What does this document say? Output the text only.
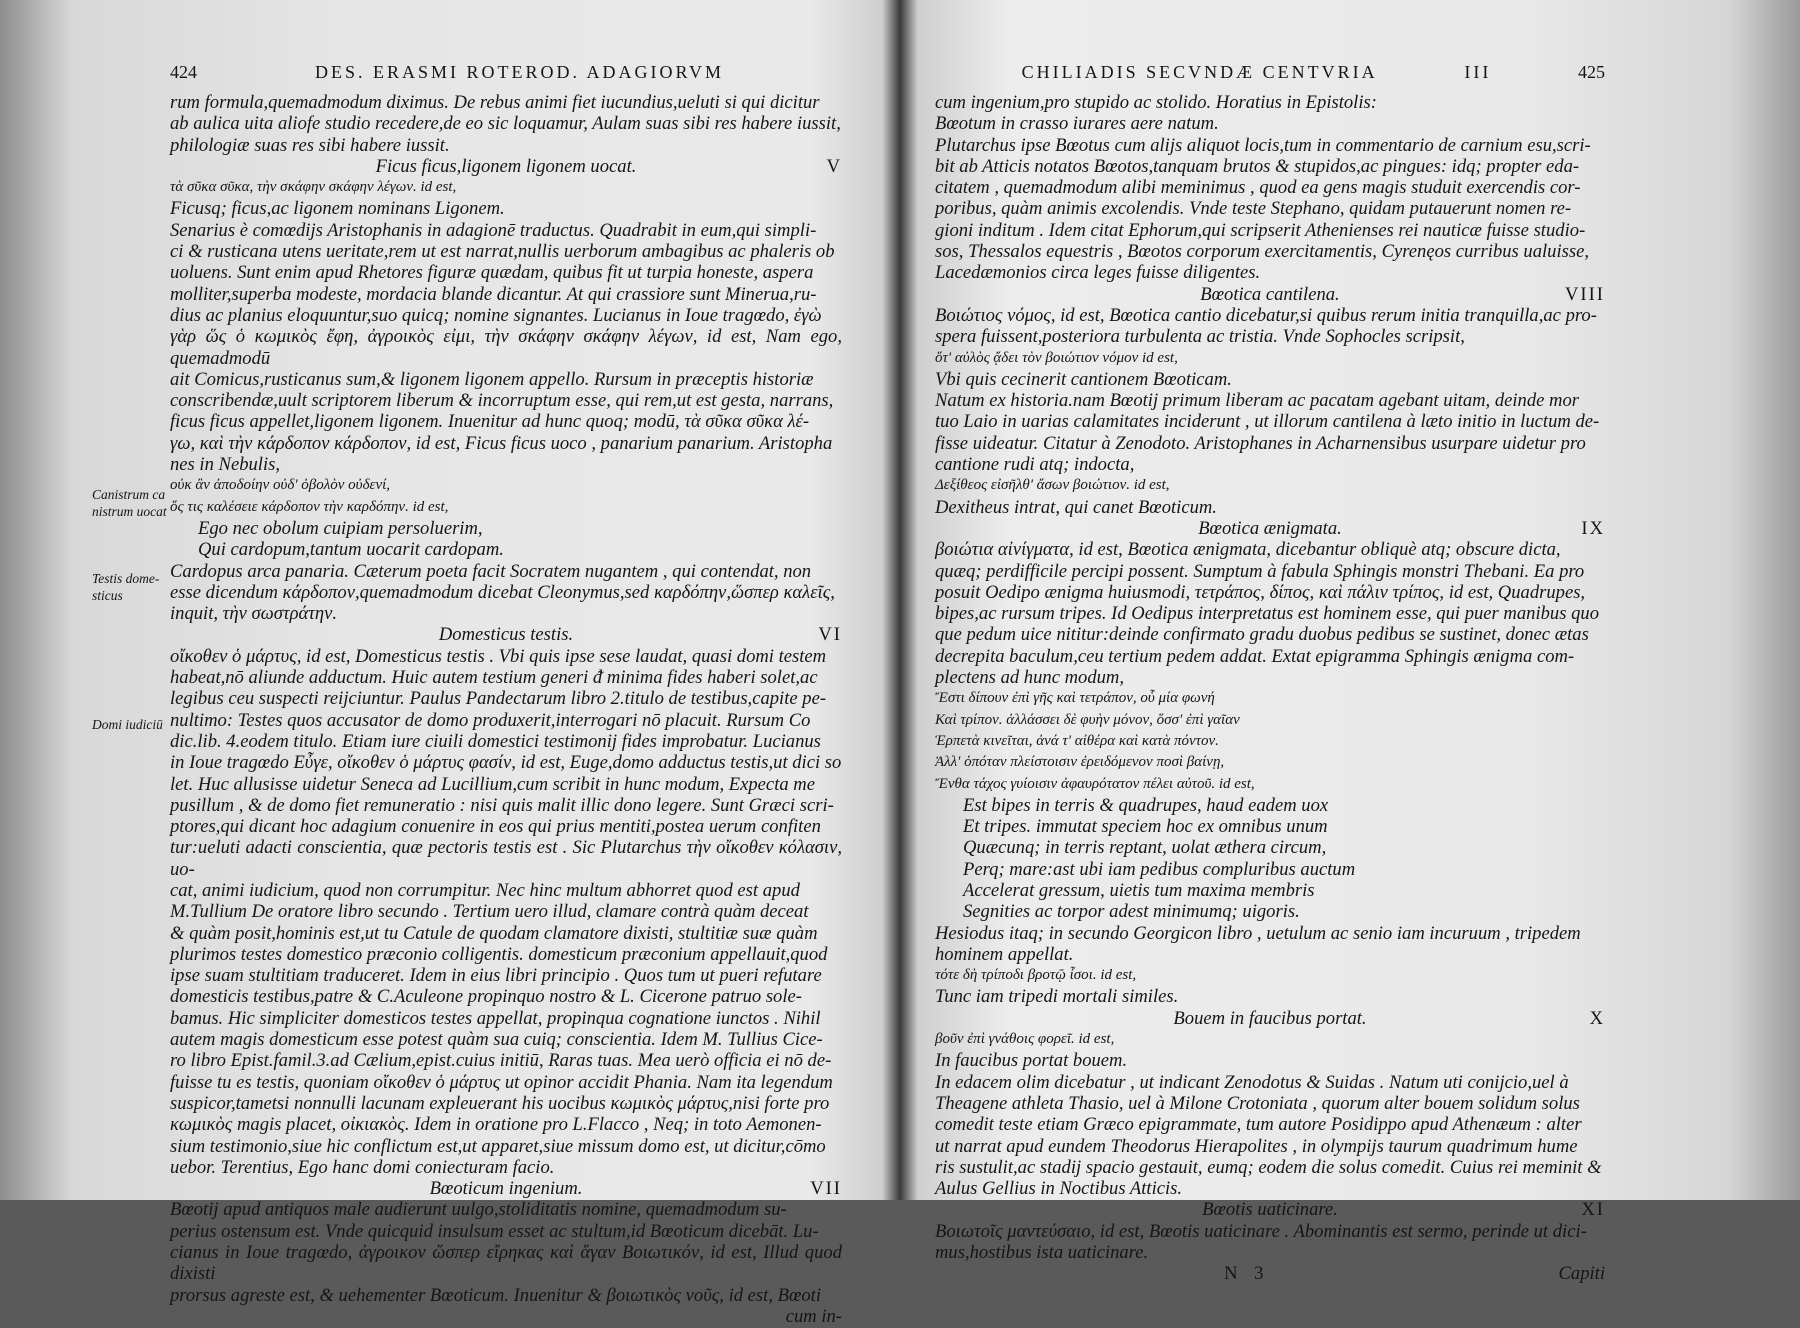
424	DES. ERASMI ROTEROD. ADAGIORVM

rum formula,quemadmodum diximus. De rebus animi fiet iucundius,ueluti si qui dicitur
ab aulica uita aliofe studio recedere,de eo sic loquamur, Aulam suas sibi res habere iussit,
philologiæ suas res sibi habere iussit.

Ficus ficus,ligonem ligonem uocat.	V

τὰ σῦκα σῦκα, τὴν σκάφην σκάφην λέγων. id est,

Ficusq; ficus,ac ligonem nominans Ligonem.
Senarius è comœdijs Aristophanis in adagionē traductus. Quadrabit in eum,qui simpli-
ci & rusticana utens ueritate,rem ut est narrat,nullis uerborum ambagibus ac phaleris ob
uoluens. Sunt enim apud Rhetores figuræ quædam, quibus fit ut turpia honeste, aspera
molliter,superba modeste, mordacia blande dicantur. At qui crassiore sunt Minerua,ru-
dius ac planius eloquuntur,suo quicq; nomine signantes. Lucianus in Ioue tragœdo, ἐγὼ
γὰρ ὥς ὁ κωμικὸς ἔφη, ἀγροικὸς εἰμι, τὴν σκάφην σκάφην λέγων, id est, Nam ego, quemadmodū
ait Comicus,rusticanus sum,& ligonem ligonem appello. Rursum in præceptis historiæ
conscribendæ,uult scriptorem liberum & incorruptum esse, qui rem,ut est gesta, narrans,
ficus ficus appellet,ligonem ligonem. Inuenitur ad hunc quoq; modū, τὰ σῦκα σῦκα λέ-
γω, καὶ τὴν κάρδοπον κάρδοπον, id est, Ficus ficus uoco , panarium panarium. Aristopha
nes in Nebulis,

οὐκ ἂν ἀποδοίην οὐδ' ὀβολὸν οὐδενί,
ὅς τις καλέσειε κάρδοπον τὴν καρδόπην. id est,

Ego nec obolum cuipiam persoluerim,
Qui cardopum,tantum uocarit cardopam.

Cardopus arca panaria. Cæterum poeta facit Socratem nugantem , qui contendat, non
esse dicendum κάρδοπον,quemadmodum dicebat Cleonymus,sed καρδόπην,ὥσπερ καλεῖς,
inquit, τὴν σωστράτην.

Domesticus testis.	VI

οἴκοθεν ὁ μάρτυς, id est, Domesticus testis . Vbi quis ipse sese laudat, quasi domi testem
habeat,nō aliunde adductum. Huic autem testium generi ᵭ minima fides haberi solet,ac
legibus ceu suspecti reijciuntur. Paulus Pandectarum libro 2.titulo de testibus,capite pe-
nultimo: Testes quos accusator de domo produxerit,interrogari nō placuit. Rursum Co
dic.lib. 4.eodem titulo. Etiam iure ciuili domestici testimonij fides improbatur. Lucianus
in Ioue tragœdo Εὖγε, οἴκοθεν ὁ μάρτυς φασίν, id est, Euge,domo adductus testis,ut dici so
let. Huc allusisse uidetur Seneca ad Lucillium,cum scribit in hunc modum, Expecta me
pusillum , & de domo fiet remuneratio : nisi quis malit illic dono legere. Sunt Græci scri-
ptores,qui dicant hoc adagium conuenire in eos qui prius mentiti,postea uerum confiten
tur:ueluti adacti conscientia, quæ pectoris testis est . Sic Plutarchus τὴν οἴκοθεν κόλασιν, uo-
cat, animi iudicium, quod non corrumpitur. Nec hinc multum abhorret quod est apud
M.Tullium De oratore libro secundo . Tertium uero illud, clamare contrà quàm deceat
& quàm posit,hominis est,ut tu Catule de quodam clamatore dixisti, stultitiæ suæ quàm
plurimos testes domestico præconio colligentis. domesticum præconium appellauit,quod
ipse suam stultitiam traduceret. Idem in eius libri principio . Quos tum ut pueri refutare
domesticis testibus,patre & C.Aculeone propinquo nostro & L. Cicerone patruo sole-
bamus. Hic simpliciter domesticos testes appellat, propinqua cognatione iunctos . Nihil
autem magis domesticum esse potest quàm sua cuiq; conscientia. Idem M. Tullius Cice-
ro libro Epist.famil.3.ad Cælium,epist.cuius initiū, Raras tuas. Mea uerò officia ei nō de-
fuisse tu es testis, quoniam οἴκοθεν ὁ μάρτυς ut opinor accidit Phania. Nam ita legendum
suspicor,tametsi nonnulli lacunam expleuerant his uocibus κωμικὸς μάρτυς,nisi forte pro
κωμικὸς magis placet, οἰκιακὸς. Idem in oratione pro L.Flacco , Neq; in toto Aemonen-
sium testimonio,siue hic conflictum est,ut apparet,siue missum domo est, ut dicitur,cōmo
uebor. Terentius, Ego hanc domi coniecturam facio.

Bœoticum ingenium.	VII

Bœotij apud antiquos male audierunt uulgo,stoliditatis nomine, quemadmodum su-
perius ostensum est. Vnde quicquid insulsum esset ac stultum,id Bœoticum dicebāt. Lu-
cianus in Ioue tragœdo, ἀγροικον ὥσπερ εἴρηκας καὶ ἄγαν Βοιωτικόν, id est, Illud quod dixisti
prorsus agreste est, & uehementer Bœoticum. Inuenitur & βοιωτικὸς νοῦς, id est, Bœoti

cum in-
Canistrum ca
nistrum uocat
Testis dome-
sticus
Domi iudiciū
CHILIADIS SECVNDÆ CENTVRIA	III	425

cum ingenium,pro stupido ac stolido. Horatius in Epistolis:
Bœotum in crasso iurares aere natum.
Plutarchus ipse Bœotus cum alijs aliquot locis,tum in commentario de carnium esu,scri-
bit ab Atticis notatos Bœotos,tanquam brutos & stupidos,ac pingues: idq; propter eda-
citatem , quemadmodum alibi meminimus , quod ea gens magis studuit exercendis cor-
poribus, quàm animis excolendis. Vnde teste Stephano, quidam putauerunt nomen re-
gioni inditum . Idem citat Ephorum,qui scripserit Athenienses rei nauticæ fuisse studio-
sos, Thessalos equestris , Bœotos corporum exercitamentis, Cyrenęos curribus ualuisse,
Lacedæmonios circa leges fuisse diligentes.

Bœotica cantilena.	VIII

Βοιώτιος νόμος, id est, Bœotica cantio dicebatur,si quibus rerum initia tranquilla,ac pro-
spera fuissent,posteriora turbulenta ac tristia. Vnde Sophocles scripsit,

ὅτ' αὐλὸς ᾄδει τὸν βοιώτιον νόμον id est,

Vbi quis cecinerit cantionem Bœoticam.
Natum ex historia.nam Bœotij primum liberam ac pacatam agebant uitam, deinde mor
tuo Laio in uarias calamitates inciderunt , ut illorum cantilena à læto initio in luctum de-
fisse uideatur. Citatur à Zenodoto. Aristophanes in Acharnensibus usurpare uidetur pro
cantione rudi atq; indocta,

Δεξίθεος εἰσῆλθ' ἄσων βοιώτιον. id est,

Dexitheus intrat, qui canet Bœoticum.

Bœotica ænigmata.	IX

βοιώτια αἰνίγματα, id est, Bœotica ænigmata, dicebantur obliquè atq; obscure dicta,
quæq; perdifficile percipi possent. Sumptum à fabula Sphingis monstri Thebani. Ea pro
posuit Oedipo ænigma huiusmodi, τετράπος, δίπος, καὶ πάλιν τρίπος, id est, Quadrupes,
bipes,ac rursum tripes. Id Oedipus interpretatus est hominem esse, qui puer manibus quo
que pedum uice nititur:deinde confirmato gradu duobus pedibus se sustinet, donec ætas
decrepita baculum,ceu tertium pedem addat. Extat epigramma Sphingis ænigma com-
plectens ad hunc modum,

Ἔστι δίπουν ἐπὶ γῆς καὶ τετράπον, οὗ μία φωνή
Καὶ τρίπον. ἀλλάσσει δὲ φυὴν μόνον, ὅσσ' ἐπὶ γαῖαν
Ἑρπετὰ κινεῖται, ἀνά τ' αἰθέρα καὶ κατὰ πόντον.
Ἀλλ' ὁπόταν πλείστοισιν ἐρειδόμενον ποσὶ βαίνῃ,
Ἔνθα τάχος γυίοισιν ἀφαυρότατον πέλει αὐτοῦ. id est,

Est bipes in terris & quadrupes, haud eadem uox
Et tripes. immutat speciem hoc ex omnibus unum
Quæcunq; in terris reptant, uolat æthera circum,
Perq; mare:ast ubi iam pedibus compluribus auctum
Accelerat gressum, uietis tum maxima membris
Segnities ac torpor adest minimumq; uigoris.

Hesiodus itaq; in secundo Georgicon libro , uetulum ac senio iam incuruum , tripedem
hominem appellat.

τότε δὴ τρίποδι βροτῷ ἶσοι. id est,

Tunc iam tripedi mortali similes.

Bouem in faucibus portat.	X

βοῦν ἐπὶ γνάθοις φορεῖ. id est,

In faucibus portat bouem.
In edacem olim dicebatur , ut indicant Zenodotus & Suidas . Natum uti conijcio,uel à
Theagene athleta Thasio, uel à Milone Crotoniata , quorum alter bouem solidum solus
comedit teste etiam Græco epigrammate, tum autore Posidippo apud Athenæum : alter
ut narrat apud eundem Theodorus Hierapolites , in olympijs taurum quadrimum hume
ris sustulit,ac stadij spacio gestauit, eumq; eodem die solus comedit. Cuius rei meminit &
Aulus Gellius in Noctibus Atticis.

Bœotis uaticinare.	XI

Βοιωτοῖς μαντεύσαιο, id est, Bœotis uaticinare . Abominantis est sermo, perinde ut dici-
mus,hostibus ista uaticinare.

N 3	Capiti
